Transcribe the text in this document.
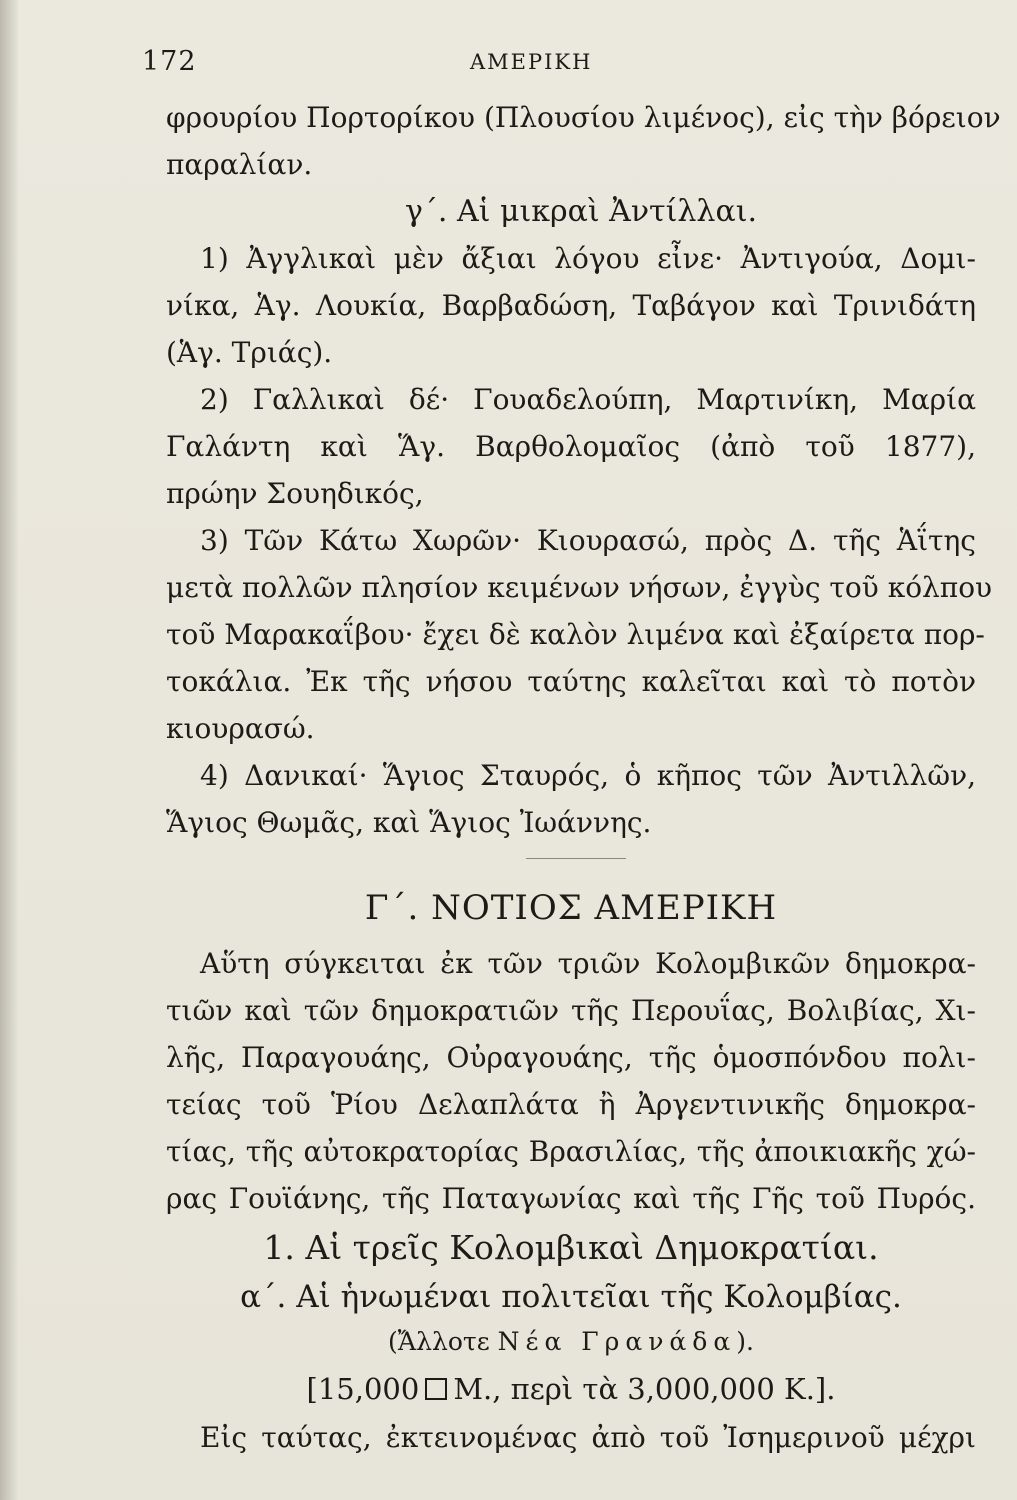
172	ΑΜΕΡΙΚΗ
φρουρίου Πορτορίκου (Πλουσίου λιμένος), εἰς τὴν βόρειον
παραλίαν.
γ΄. Αἱ μικραὶ Ἀντίλλαι.
1) Ἀγγλικαὶ μὲν ἄξιαι λόγου εἶνε· Ἀντιγούα, Δομι-
νίκα, Ἁγ. Λουκία, Βαρβαδώση, Ταβάγον καὶ Τρινιδάτη
(Ἁγ. Τριάς).
2) Γαλλικαὶ δέ· Γουαδελούπη, Μαρτινίκη, Μαρία
Γαλάντη καὶ Ἅγ. Βαρθολομαῖος (ἀπὸ τοῦ 1877),
πρώην Σουηδικός,
3) Τῶν Κάτω Χωρῶν· Κιουρασώ, πρὸς Δ. τῆς Ἁΐτης
μετὰ πολλῶν πλησίον κειμένων νήσων, ἐγγὺς τοῦ κόλπου
τοῦ Μαρακαΐβου· ἔχει δὲ καλὸν λιμένα καὶ ἐξαίρετα πορ-
τοκάλια. Ἐκ τῆς νήσου ταύτης καλεῖται καὶ τὸ ποτὸν
κιουρασώ.
4) Δανικαί· Ἅγιος Σταυρός, ὁ κῆπος τῶν Ἀντιλλῶν,
Ἅγιος Θωμᾶς, καὶ Ἅγιος Ἰωάννης.
Γ΄. ΝΟΤΙΟΣ ΑΜΕΡΙΚΗ
Αὕτη σύγκειται ἐκ τῶν τριῶν Κολομβικῶν δημοκρα-
τιῶν καὶ τῶν δημοκρατιῶν τῆς Περουΐας, Βολιβίας, Χι-
λῆς, Παραγουάης, Οὐραγουάης, τῆς ὁμοσπόνδου πολι-
τείας τοῦ Ῥίου Δελαπλάτα ἢ Ἀργεντινικῆς δημοκρα-
τίας, τῆς αὐτοκρατορίας Βρασιλίας, τῆς ἀποικιακῆς χώ-
ρας Γουϊάνης, τῆς Παταγωνίας καὶ τῆς Γῆς τοῦ Πυρός.
1. Αἱ τρεῖς Κολομβικαὶ Δημοκρατίαι.
α΄. Αἱ ἡνωμέναι πολιτεῖαι τῆς Κολομβίας.
(Ἄλλοτε Νέα Γρανάδα).
[15,000 Μ., περὶ τὰ 3,000,000 Κ.].
Εἰς ταύτας, ἐκτεινομένας ἀπὸ τοῦ Ἰσημερινοῦ μέχρι
